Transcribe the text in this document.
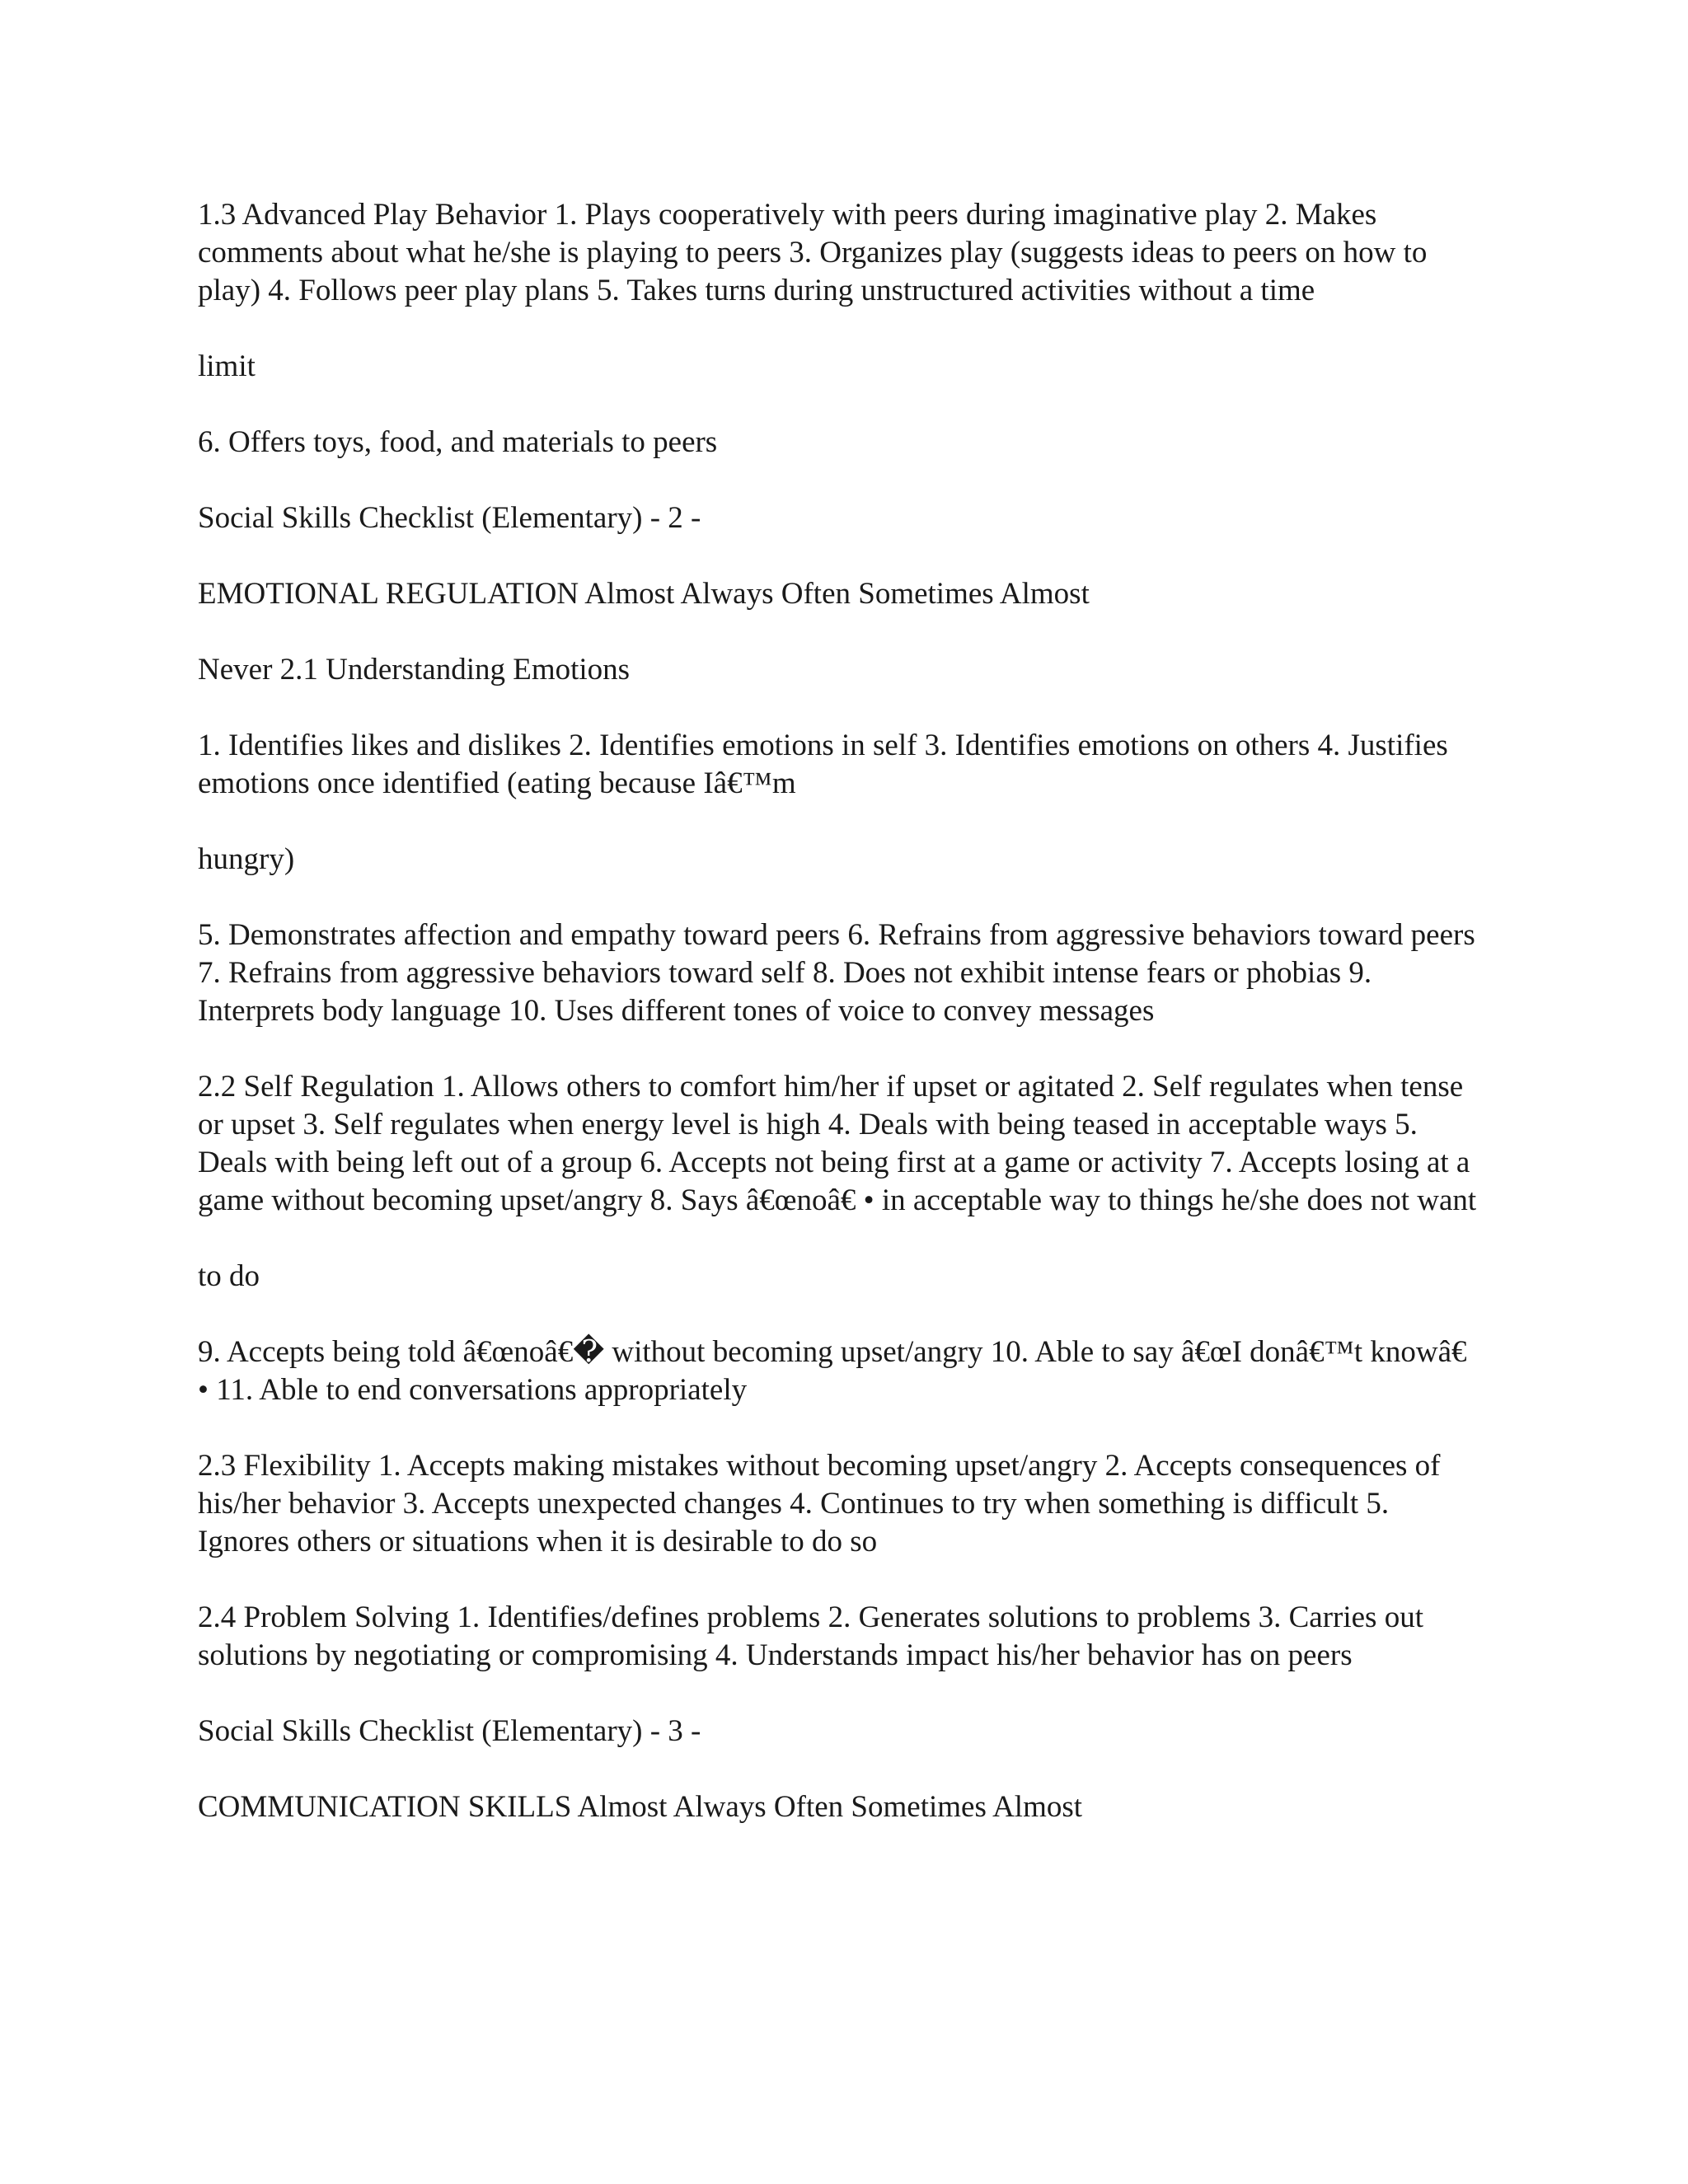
1.3 Advanced Play Behavior 1. Plays cooperatively with peers during imaginative play 2. Makes comments about what he/she is playing to peers 3. Organizes play (suggests ideas to peers on how to play) 4. Follows peer play plans 5. Takes turns during unstructured activities without a time

limit

6. Offers toys, food, and materials to peers

Social Skills Checklist (Elementary) - 2 -

EMOTIONAL REGULATION Almost Always Often Sometimes Almost

Never 2.1 Understanding Emotions

1. Identifies likes and dislikes 2. Identifies emotions in self 3. Identifies emotions on others 4. Justifies emotions once identified (eating because Iâ€™m

hungry)

5. Demonstrates affection and empathy toward peers 6. Refrains from aggressive behaviors toward peers 7. Refrains from aggressive behaviors toward self 8. Does not exhibit intense fears or phobias 9. Interprets body language 10. Uses different tones of voice to convey messages

2.2 Self Regulation 1. Allows others to comfort him/her if upset or agitated 2. Self regulates when tense or upset 3. Self regulates when energy level is high 4. Deals with being teased in acceptable ways 5. Deals with being left out of a group 6. Accepts not being first at a game or activity 7. Accepts losing at a game without becoming upset/angry 8. Says â€œnoâ€ • in acceptable way to things he/she does not want

to do

9. Accepts being told â€œnoâ€� without becoming upset/angry 10. Able to say â€œI donâ€™t knowâ€ • 11. Able to end conversations appropriately

2.3 Flexibility 1. Accepts making mistakes without becoming upset/angry 2. Accepts consequences of his/her behavior 3. Accepts unexpected changes 4. Continues to try when something is difficult 5. Ignores others or situations when it is desirable to do so

2.4 Problem Solving 1. Identifies/defines problems 2. Generates solutions to problems 3. Carries out solutions by negotiating or compromising 4. Understands impact his/her behavior has on peers

Social Skills Checklist (Elementary) - 3 -

COMMUNICATION SKILLS Almost Always Often Sometimes Almost
